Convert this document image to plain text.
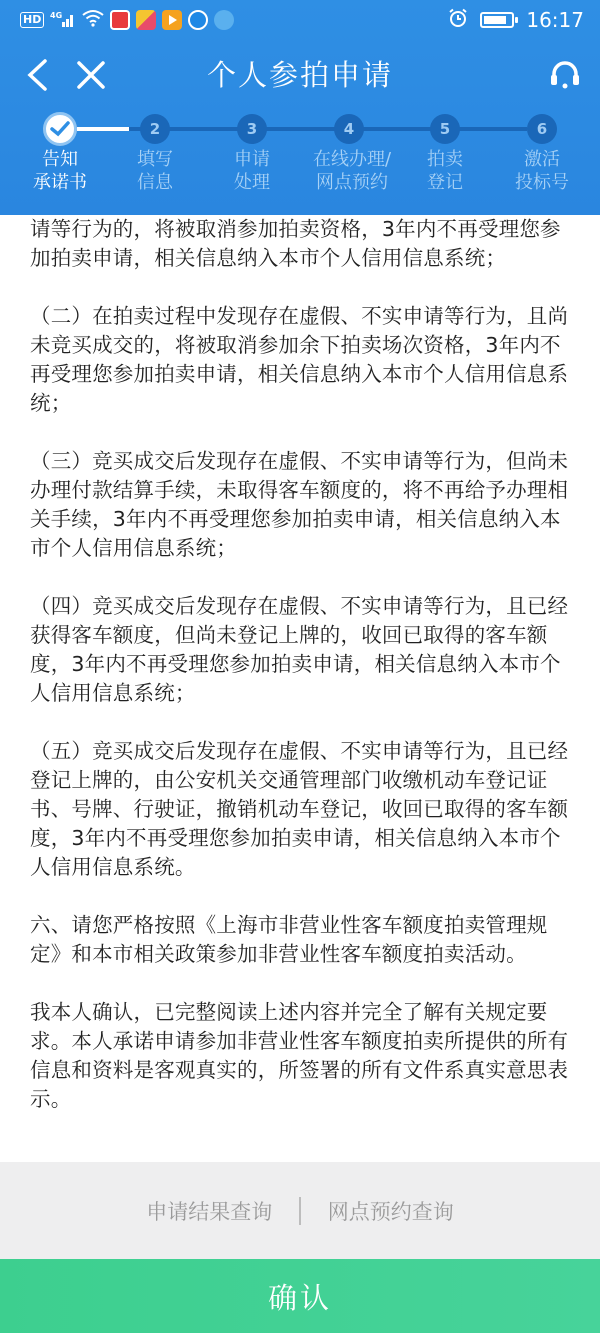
HD	4G	16:17
个人参拍申请
2	3	4	5	6
告知
承诺书
填写
信息
申请
处理
在线办理/
网点预约
拍卖
登记
激活
投标号

请等行为的，将被取消参加拍卖资格，3年内不再受理您参加拍卖申请，相关信息纳入本市个人信用信息系统；

（二）在拍卖过程中发现存在虚假、不实申请等行为，且尚未竞买成交的，将被取消参加余下拍卖场次资格，3年内不再受理您参加拍卖申请，相关信息纳入本市个人信用信息系统；

（三）竞买成交后发现存在虚假、不实申请等行为，但尚未办理付款结算手续，未取得客车额度的，将不再给予办理相关手续，3年内不再受理您参加拍卖申请，相关信息纳入本市个人信用信息系统；

（四）竞买成交后发现存在虚假、不实申请等行为，且已经获得客车额度，但尚未登记上牌的，收回已取得的客车额度，3年内不再受理您参加拍卖申请，相关信息纳入本市个人信用信息系统；

（五）竞买成交后发现存在虚假、不实申请等行为，且已经登记上牌的，由公安机关交通管理部门收缴机动车登记证书、号牌、行驶证，撤销机动车登记，收回已取得的客车额度，3年内不再受理您参加拍卖申请，相关信息纳入本市个人信用信息系统。

六、请您严格按照《上海市非营业性客车额度拍卖管理规定》和本市相关政策参加非营业性客车额度拍卖活动。

我本人确认，已完整阅读上述内容并完全了解有关规定要求。本人承诺申请参加非营业性客车额度拍卖所提供的所有信息和资料是客观真实的，所签署的所有文件系真实意思表示。

申请结果查询	网点预约查询
确认
